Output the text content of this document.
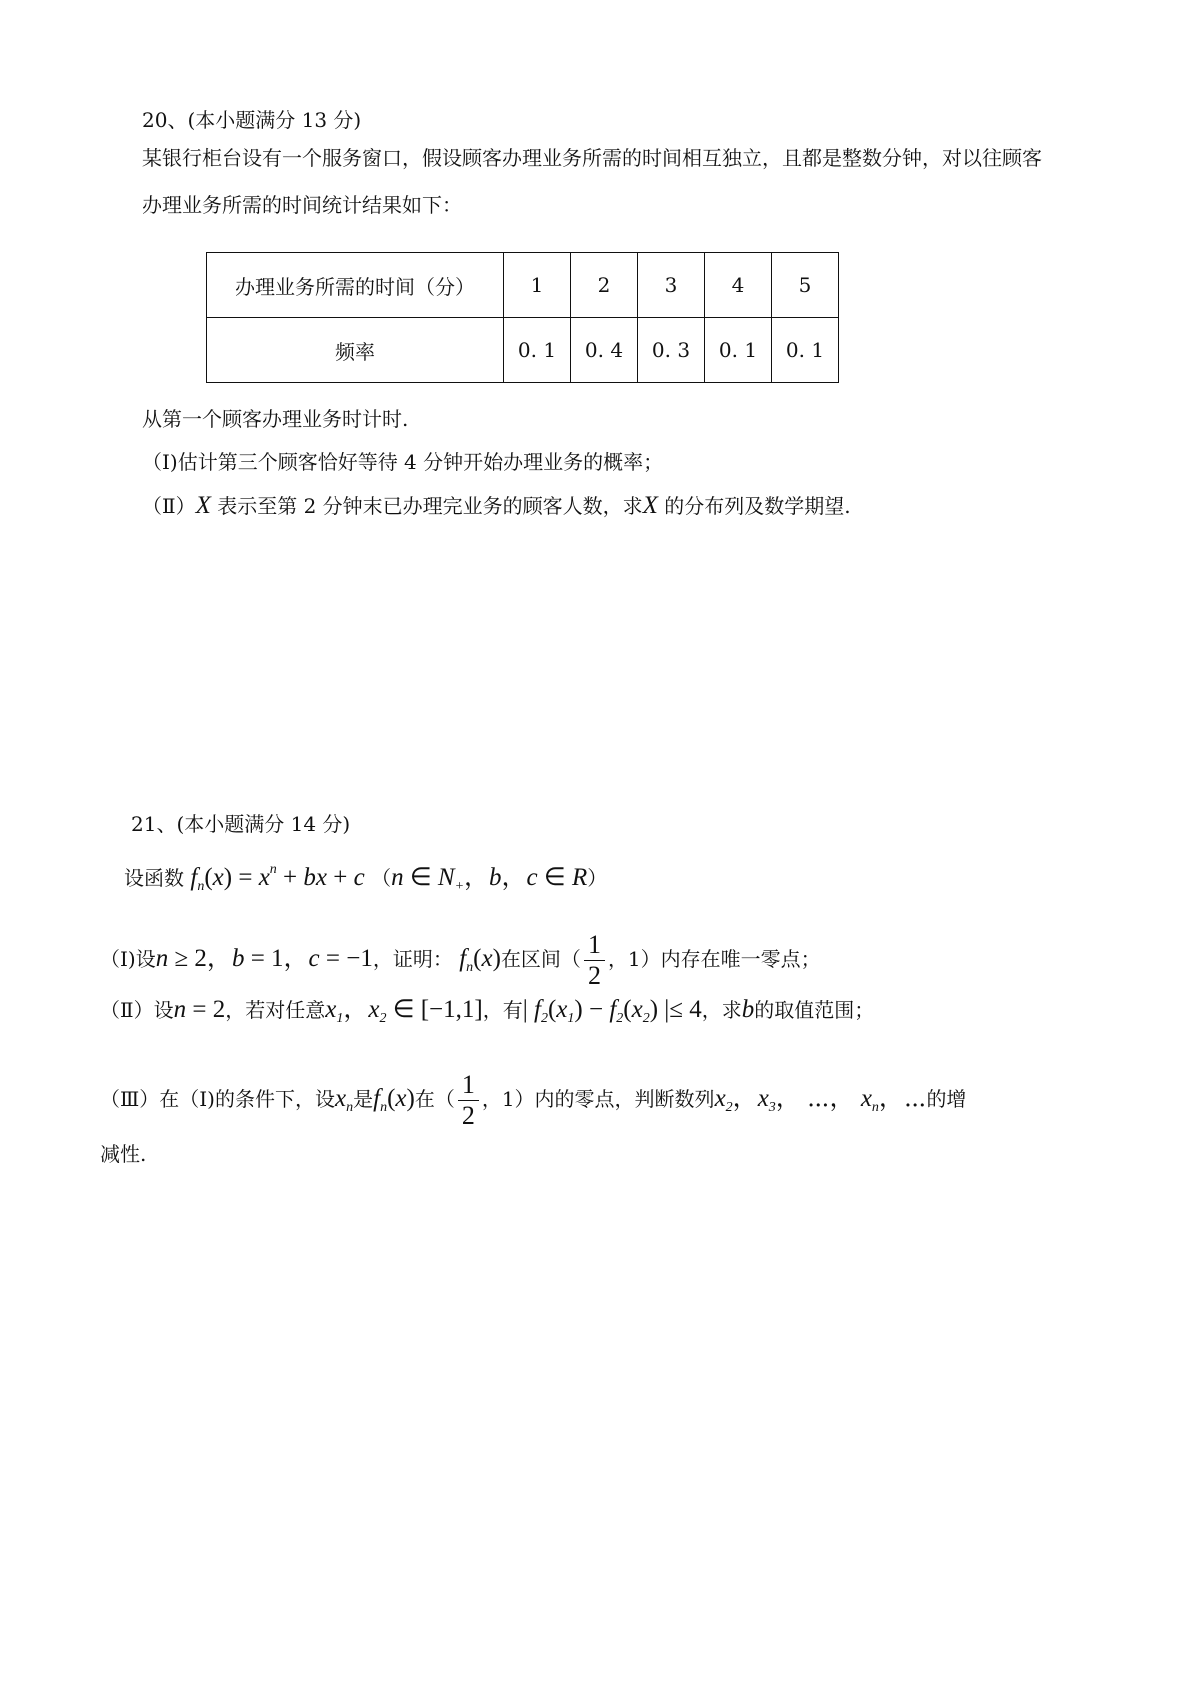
20、(本小题满分 13 分)
某银行柜台设有一个服务窗口，假设顾客办理业务所需的时间相互独立，且都是整数分钟，对以往顾客
办理业务所需的时间统计结果如下：
办理业务所需的时间（分）	1	2	3	4	5
频率	0. 1	0. 4	0. 3	0. 1	0. 1
从第一个顾客办理业务时计时.
（Ⅰ)估计第三个顾客恰好等待 4 分钟开始办理业务的概率；
（Ⅱ）X 表示至第 2 分钟末已办理完业务的顾客人数，求X 的分布列及数学期望.
21、(本小题满分 14 分)
设函数 $f_n(x) = x^n$ + bx + c （n ∈ $N_+$，b，c ∈ R）
（Ⅰ)设n ≥ 2，b = 1，c = −1，证明： $f_n(x)$在区间（ $\frac{1}{2}$ ，1）内存在唯一零点；
（Ⅱ）设n = 2，若对任意$x_1$，$x_2$ ∈ [−1,1]，有| $f_2(x_1) - f_2(x_2)$ |≤ 4，求b的取值范围；
（Ⅲ）在（Ⅰ)的条件下，设$x_n$是$f_n(x)$在（ $\frac{1}{2}$ ，1）内的零点，判断数列$x_2$，$x_3$， ⋯， $x_n$，⋯的增
减性.
